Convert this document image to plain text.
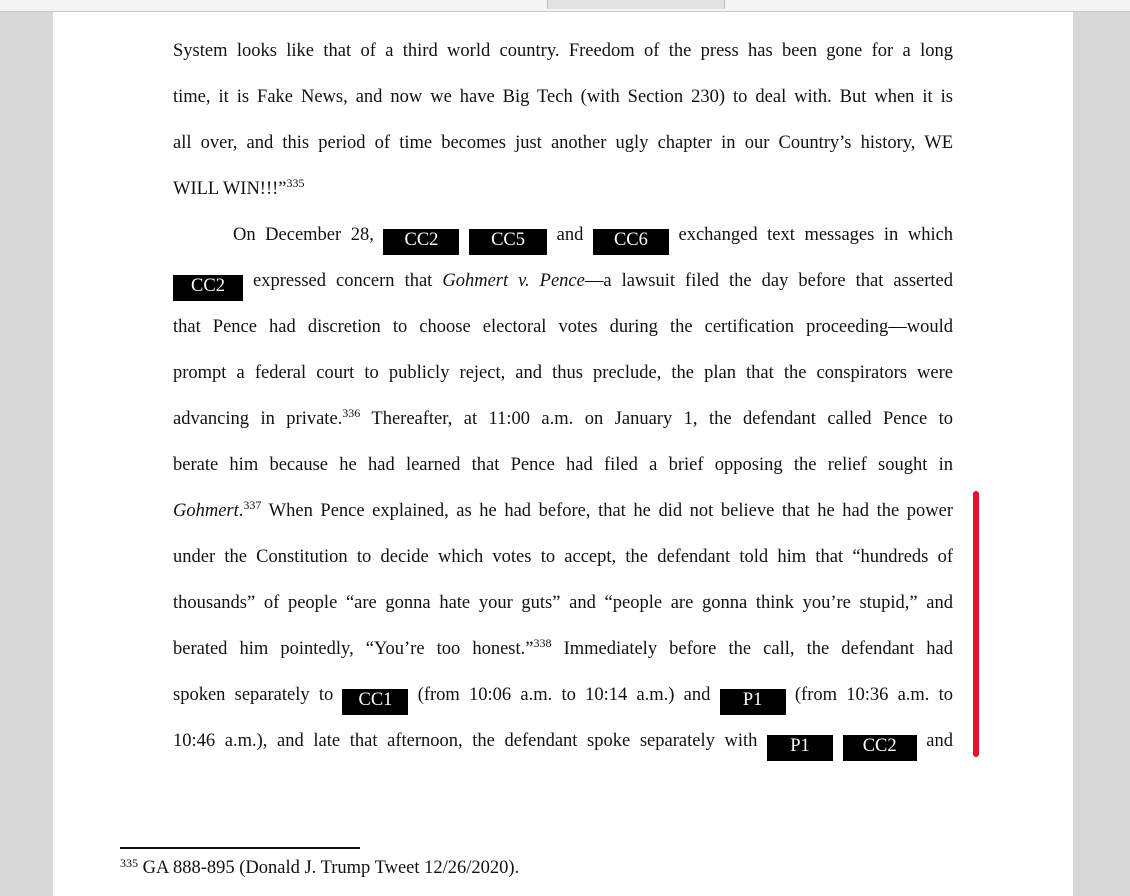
System looks like that of a third world country. Freedom of the press has been gone for a long
time, it is Fake News, and now we have Big Tech (with Section 230) to deal with. But when it is
all over, and this period of time becomes just another ugly chapter in our Country’s history, WE
WILL WIN!!!”$^{335}$
On December 28, CC2	CC5 and CC6 exchanged text messages in which
CC2 expressed concern that Gohmert v. Pence—a lawsuit filed the day before that asserted
that Pence had discretion to choose electoral votes during the certification proceeding—would
prompt a federal court to publicly reject, and thus preclude, the plan that the conspirators were
advancing in private.$^{336}$ Thereafter, at 11:00 a.m. on January 1, the defendant called Pence to
berate him because he had learned that Pence had filed a brief opposing the relief sought in
Gohmert.$^{337}$ When Pence explained, as he had before, that he did not believe that he had the power
under the Constitution to decide which votes to accept, the defendant told him that “hundreds of
thousands” of people “are gonna hate your guts” and “people are gonna think you’re stupid,” and
berated him pointedly, “You’re too honest.”$^{338}$ Immediately before the call, the defendant had
spoken separately to CC1 (from 10:06 a.m. to 10:14 a.m.) and P1 (from 10:36 a.m. to
10:46 a.m.), and late that afternoon, the defendant spoke separately with P1	CC2 and
$^{335}$ GA 888-895 (Donald J. Trump Tweet 12/26/2020).
